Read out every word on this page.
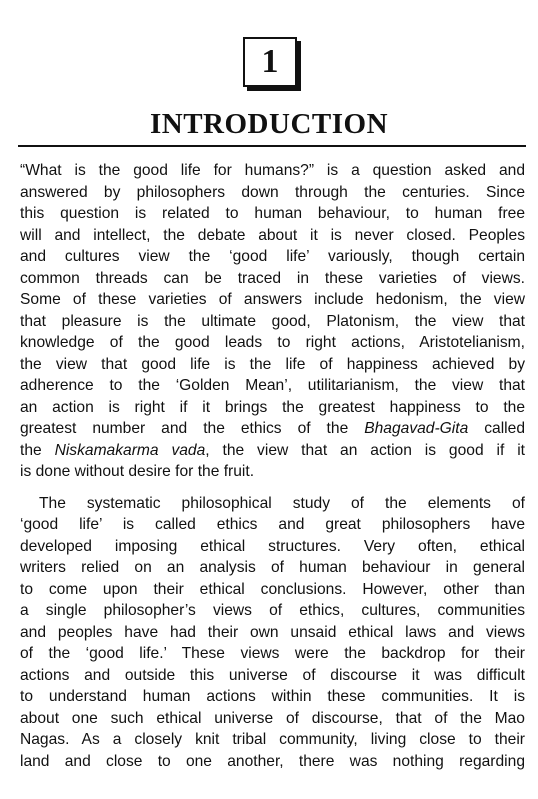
1
INTRODUCTION
“What is the good life for humans?” is a question asked and
answered by philosophers down through the centuries. Since
this question is related to human behaviour, to human free
will and intellect, the debate about it is never closed. Peoples
and cultures view the ‘good life’ variously, though certain
common threads can be traced in these varieties of views.
Some of these varieties of answers include hedonism, the view
that pleasure is the ultimate good, Platonism, the view that
knowledge of the good leads to right actions, Aristotelianism,
the view that good life is the life of happiness achieved by
adherence to the ‘Golden Mean’, utilitarianism, the view that
an action is right if it brings the greatest happiness to the
greatest number and the ethics of the Bhagavad-Gita called
the Niskamakarma vada, the view that an action is good if it
is done without desire for the fruit.
The systematic philosophical study of the elements of
‘good life’ is called ethics and great philosophers have
developed imposing ethical structures. Very often, ethical
writers relied on an analysis of human behaviour in general
to come upon their ethical conclusions. However, other than
a single philosopher’s views of ethics, cultures, communities
and peoples have had their own unsaid ethical laws and views
of the ‘good life.’ These views were the backdrop for their
actions and outside this universe of discourse it was difficult
to understand human actions within these communities. It is
about one such ethical universe of discourse, that of the Mao
Nagas. As a closely knit tribal community, living close to their
land and close to one another, there was nothing regarding
